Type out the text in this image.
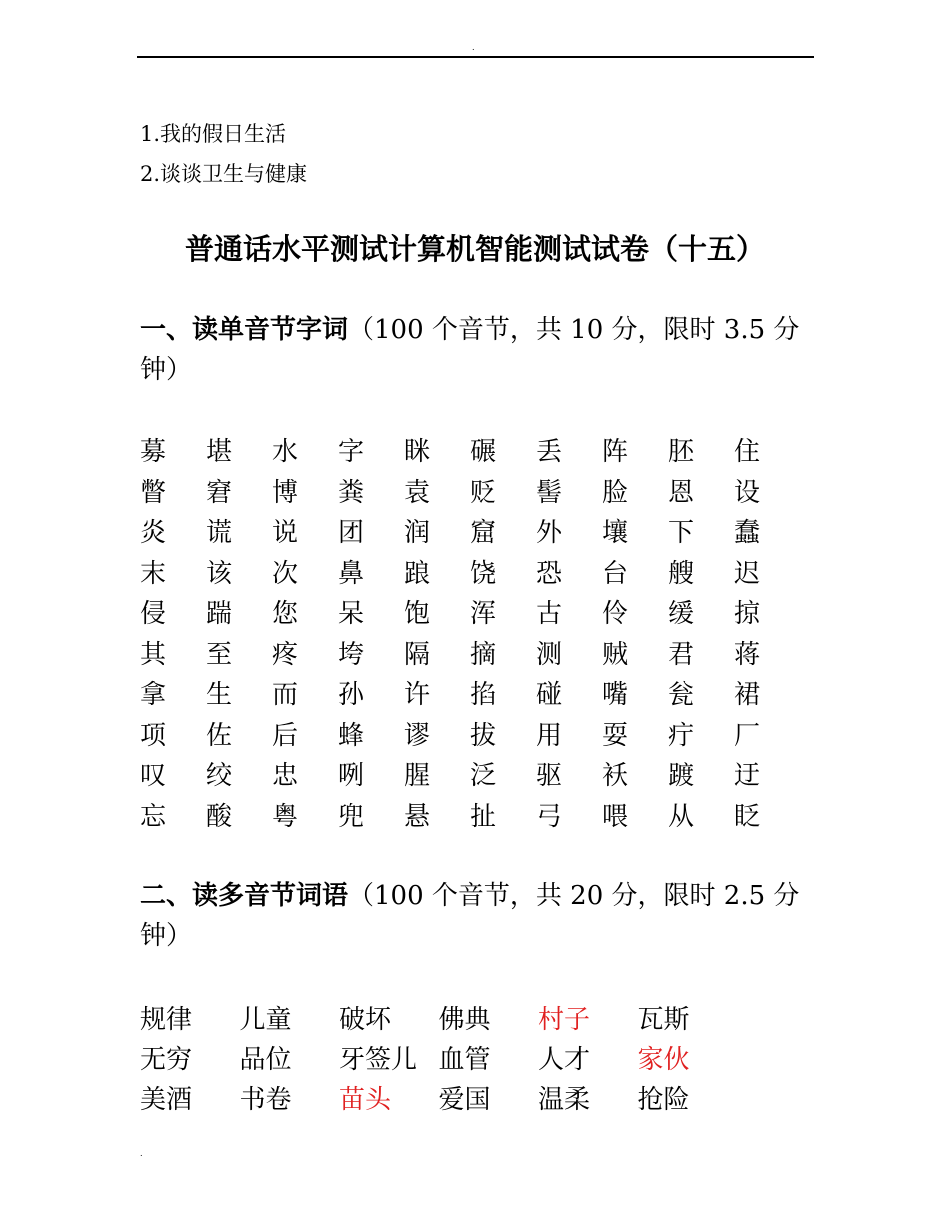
.
1.我的假日生活
2.谈谈卫生与健康
普通话水平测试计算机智能测试试卷（十五）
一、读单音节字词（100 个音节，共 10 分，限时 3.5 分钟）
募	堪	水	字	眯	碾	丢	阵	胚	住
瞥	窘	博	粪	袁	贬	髻	脸	恩	设
炎	谎	说	团	润	窟	外	壤	下	蠢
末	该	次	鼻	踉	饶	恐	台	艘	迟
侵	踹	您	呆	饱	浑	古	伶	缓	掠
其	至	疼	垮	隔	摘	测	贼	君	蒋
拿	生	而	孙	许	掐	碰	嘴	瓮	裙
项	佐	后	蜂	谬	拔	用	耍	疔	厂
叹	绞	忠	咧	腥	泛	驱	袄	踱	迂
忘	酸	粤	兜	悬	扯	弓	喂	从	眨
二、读多音节词语（100 个音节，共 20 分，限时 2.5 分钟）
规律	儿童	破坏	佛典	村子	瓦斯
无穷	品位	牙签儿 血管	人才	家伙
美酒	书卷	苗头	爱国	温柔	抢险
.
